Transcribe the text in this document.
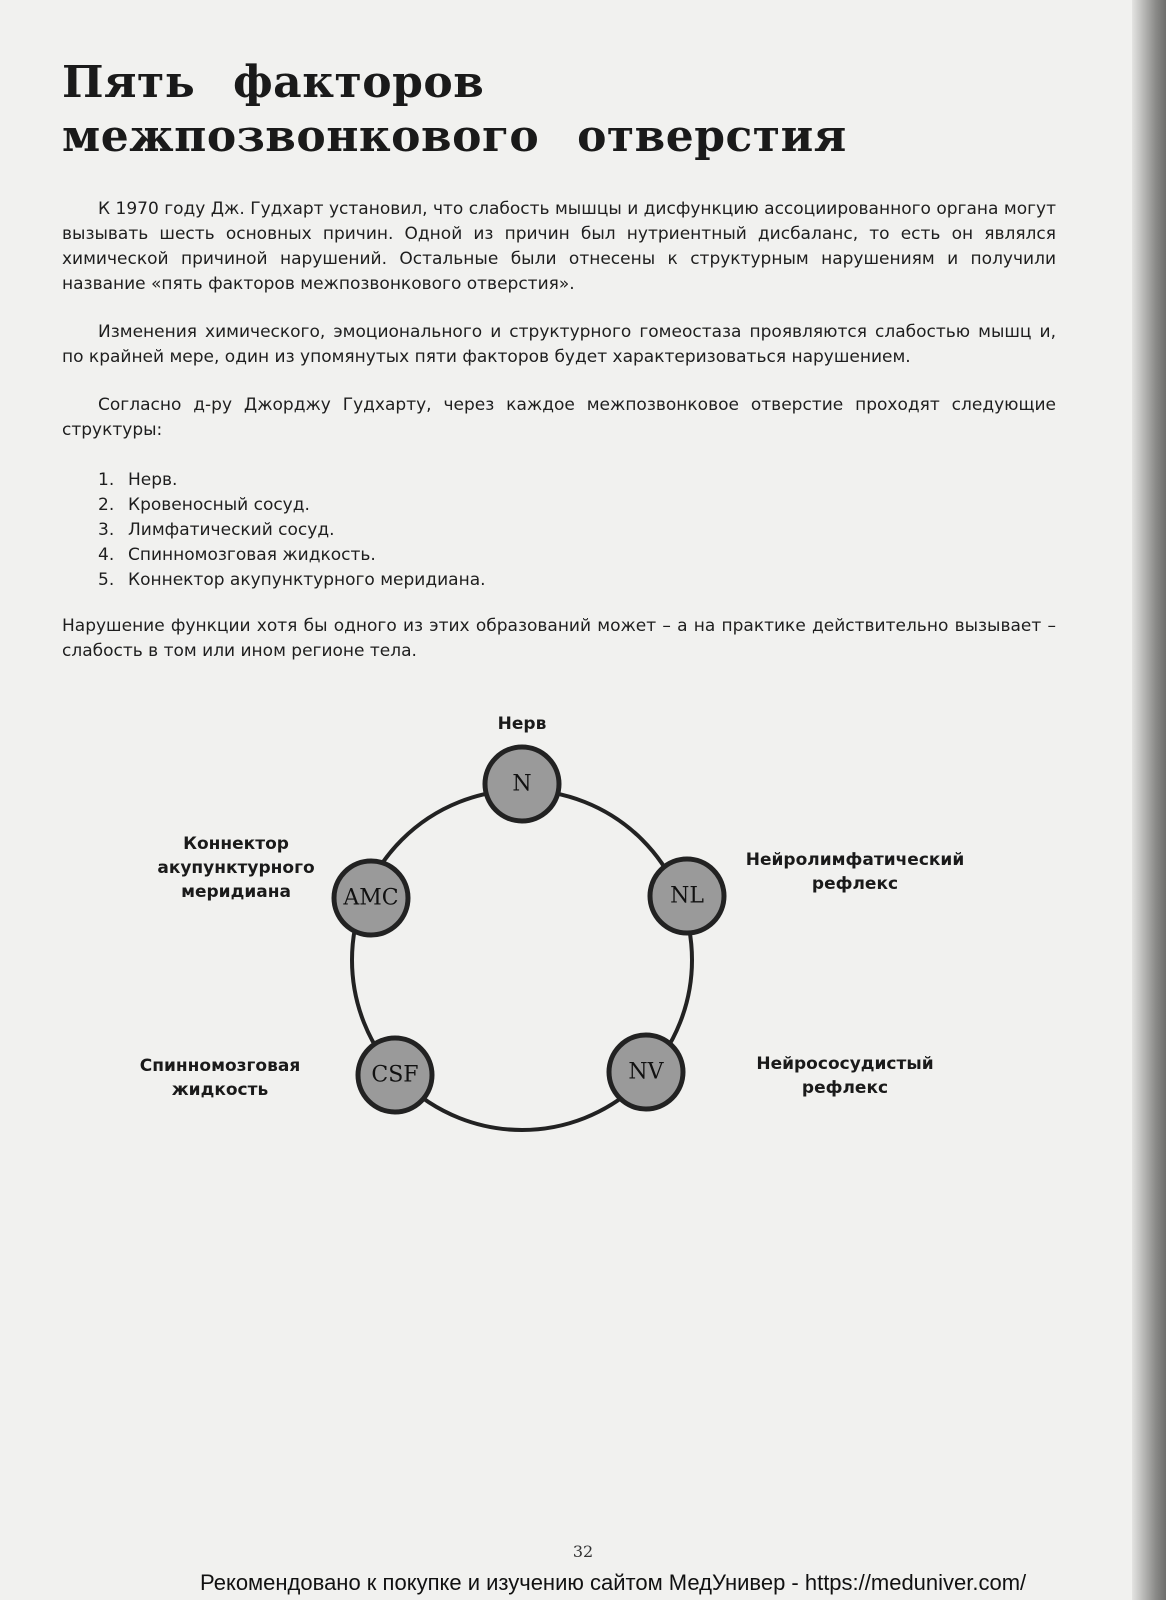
Пять факторов
межпозвонкового отверстия

К 1970 году Дж. Гудхарт установил, что слабость мышцы и дисфункцию ассоциированного органа могут вызывать шесть основных причин. Одной из причин был нутриентный дисбаланс, то есть он являлся химической причиной нарушений. Остальные были отнесены к структурным нарушениям и получили название «пять факторов межпозвонкового отверстия».

Изменения химического, эмоционального и структурного гомеостаза проявляются слабостью мышц и, по крайней мере, один из упомянутых пяти факторов будет характеризоваться нарушением.

Согласно д-ру Джорджу Гудхарту, через каждое межпозвонковое отверстие проходят следующие структуры:

1. Нерв.
2. Кровеносный сосуд.
3. Лимфатический сосуд.
4. Спинномозговая жидкость.
5. Коннектор акупунктурного меридиана.

Нарушение функции хотя бы одного из этих образований может – а на практике действительно вызывает – слабость в том или ином регионе тела.

N
AMC	NL
CSF	NV
Нерв
Коннектор
акупунктурного
меридиана
Нейролимфатический
рефлекс
Спинномозговая
жидкость
Нейрососудистый
рефлекс
32
Рекомендовано к покупке и изучению сайтом МедУнивер - https://meduniver.com/
